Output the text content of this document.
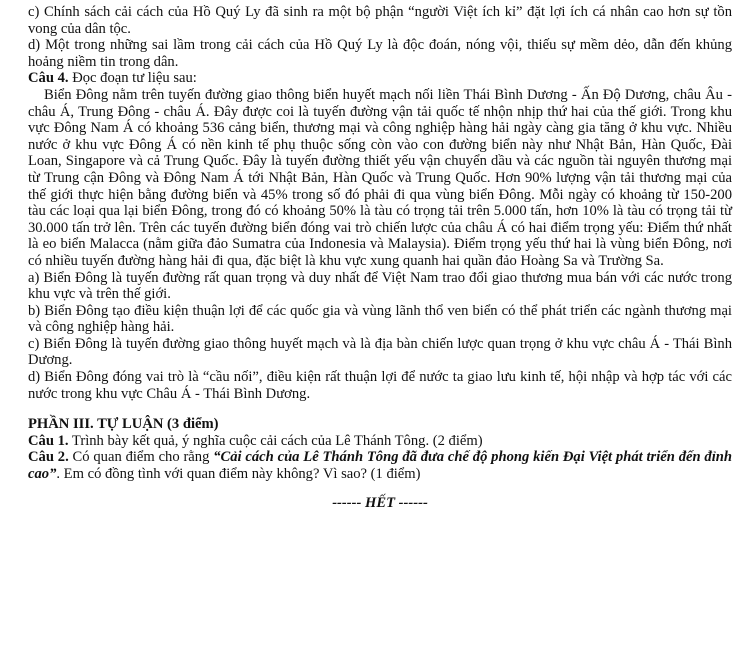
c) Chính sách cải cách của Hồ Quý Ly đã sinh ra một bộ phận “người Việt ích kỉ” đặt lợi ích cá nhân cao hơn sự tồn vong của dân tộc.

d) Một trong những sai lầm trong cải cách của Hồ Quý Ly là độc đoán, nóng vội, thiếu sự mềm dẻo, dẫn đến khủng hoảng niềm tin trong dân.

Câu 4. Đọc đoạn tư liệu sau:

Biển Đông nằm trên tuyến đường giao thông biển huyết mạch nối liền Thái Bình Dương - Ấn Độ Dương, châu Âu - châu Á, Trung Đông - châu Á. Đây được coi là tuyến đường vận tải quốc tế nhộn nhịp thứ hai của thế giới. Trong khu vực Đông Nam Á có khoảng 536 cảng biển, thương mại và công nghiệp hàng hải ngày càng gia tăng ở khu vực. Nhiều nước ở khu vực Đông Á có nền kinh tế phụ thuộc sống còn vào con đường biển này như Nhật Bản, Hàn Quốc, Đài Loan, Singapore và cả Trung Quốc. Đây là tuyến đường thiết yếu vận chuyển dầu và các nguồn tài nguyên thương mại từ Trung cận Đông và Đông Nam Á tới Nhật Bản, Hàn Quốc và Trung Quốc. Hơn 90% lượng vận tải thương mại của thế giới thực hiện bằng đường biển và 45% trong số đó phải đi qua vùng biển Đông. Mỗi ngày có khoảng từ 150-200 tàu các loại qua lại biển Đông, trong đó có khoảng 50% là tàu có trọng tải trên 5.000 tấn, hơn 10% là tàu có trọng tải từ 30.000 tấn trở lên. Trên các tuyến đường biển đóng vai trò chiến lược của châu Á có hai điểm trọng yếu: Điểm thứ nhất là eo biển Malacca (nằm giữa đảo Sumatra của Indonesia và Malaysia). Điểm trọng yếu thứ hai là vùng biển Đông, nơi có nhiều tuyến đường hàng hải đi qua, đặc biệt là khu vực xung quanh hai quần đảo Hoàng Sa và Trường Sa.

a) Biển Đông là tuyến đường rất quan trọng và duy nhất để Việt Nam trao đổi giao thương mua bán với các nước trong khu vực và trên thế giới.

b) Biển Đông tạo điều kiện thuận lợi để các quốc gia và vùng lãnh thổ ven biển có thể phát triển các ngành thương mại và công nghiệp hàng hải.

c) Biển Đông là tuyến đường giao thông huyết mạch và là địa bàn chiến lược quan trọng ở khu vực châu Á - Thái Bình Dương.

d) Biển Đông đóng vai trò là “cầu nối”, điều kiện rất thuận lợi để nước ta giao lưu kinh tế, hội nhập và hợp tác với các nước trong khu vực Châu Á - Thái Bình Dương.

PHẦN III. TỰ LUẬN (3 điểm)

Câu 1. Trình bày kết quả, ý nghĩa cuộc cải cách của Lê Thánh Tông. (2 điểm)

Câu 2. Có quan điểm cho rằng “Cải cách của Lê Thánh Tông đã đưa chế độ phong kiến Đại Việt phát triển đến đỉnh cao”. Em có đồng tình với quan điểm này không? Vì sao? (1 điểm)

------ HẾT ------
